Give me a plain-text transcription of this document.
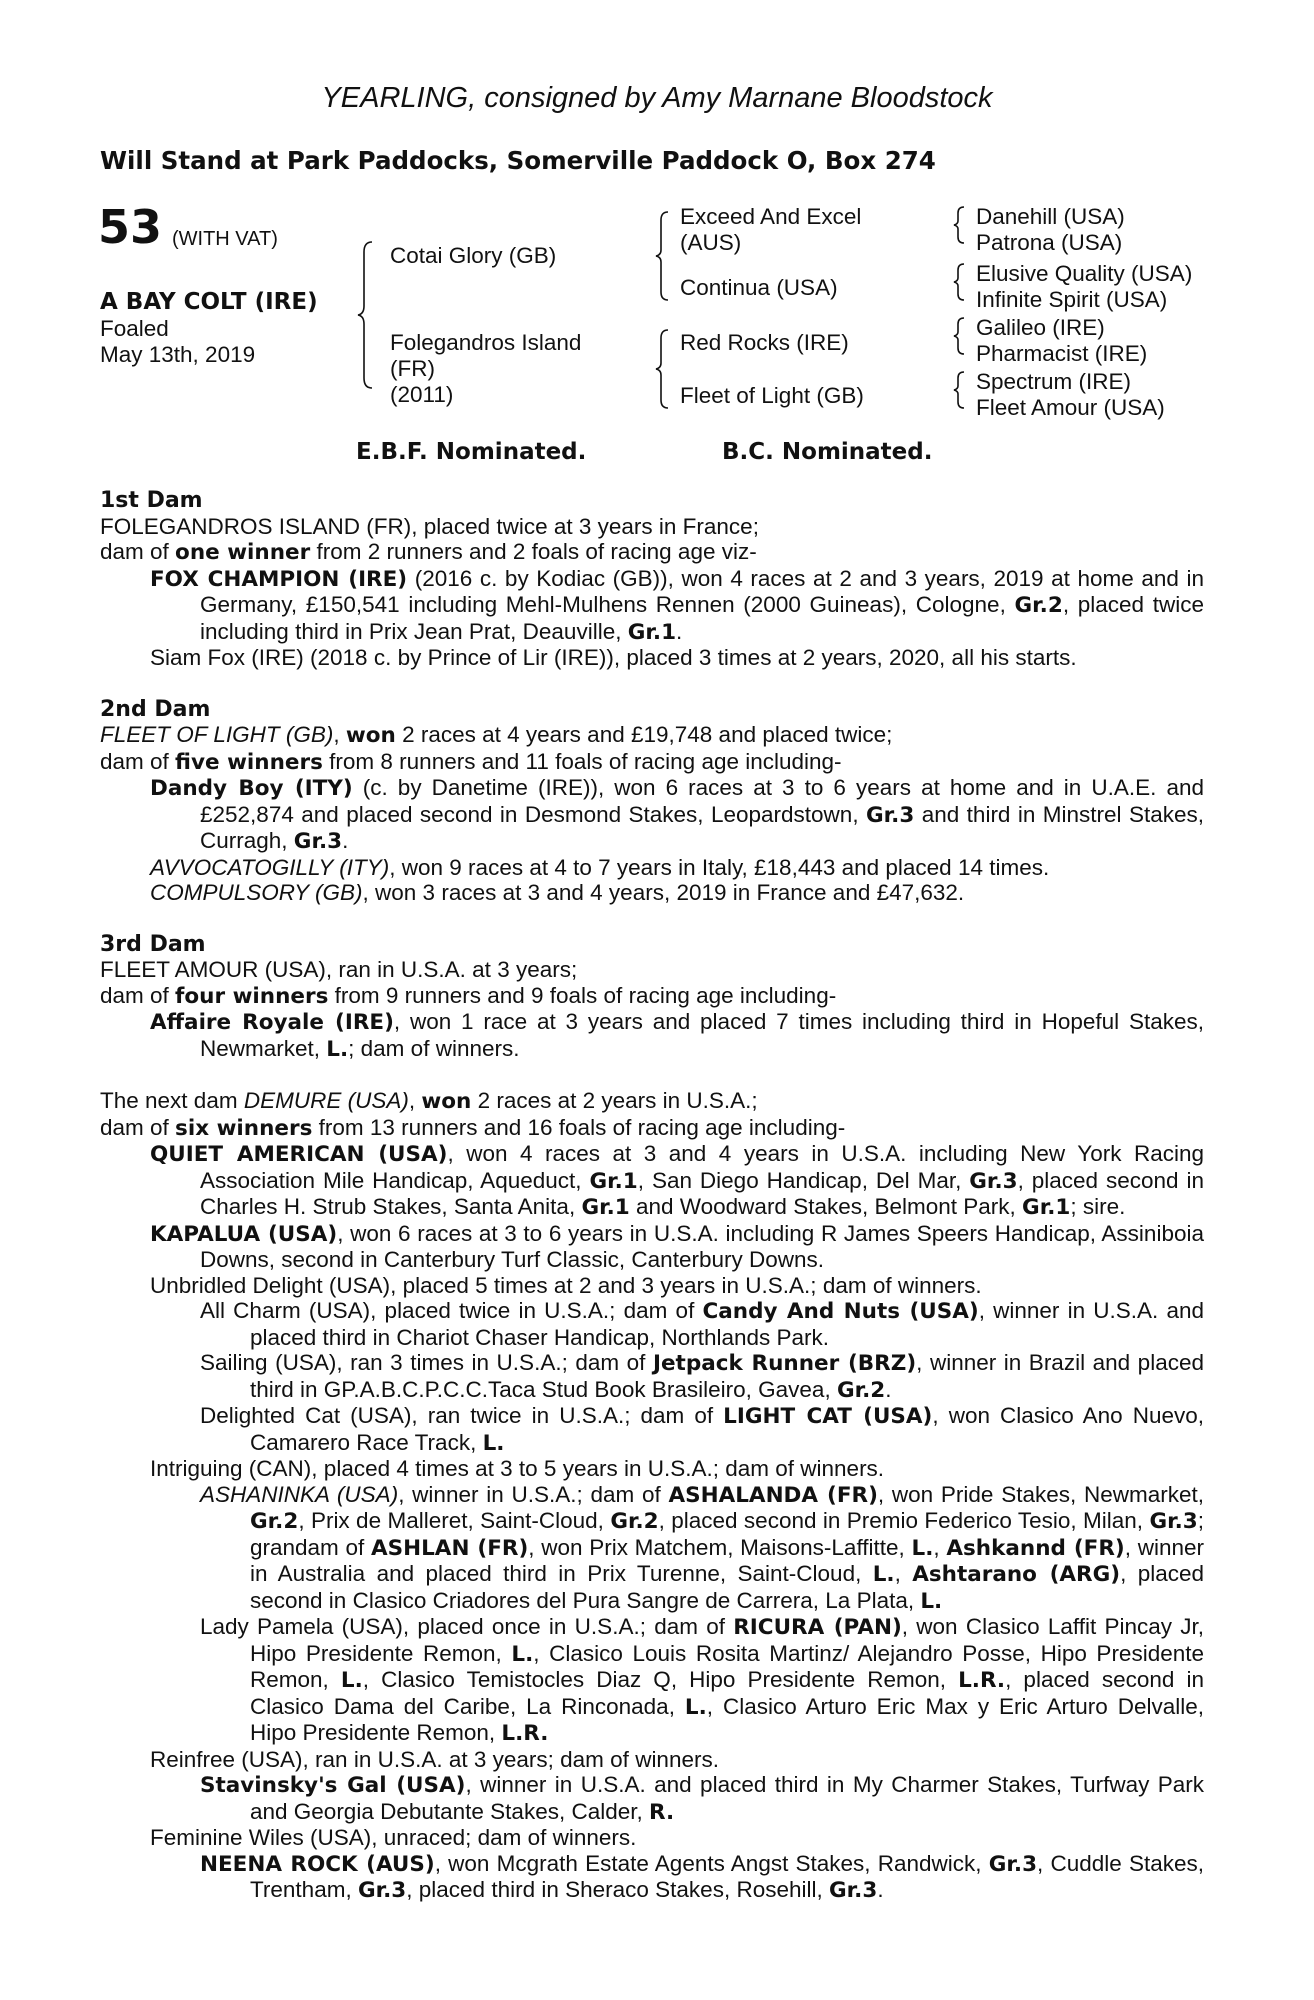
YEARLING, consigned by Amy Marnane Bloodstock
Will Stand at Park Paddocks, Somerville Paddock O, Box 274
53 (WITH VAT)
A BAY COLT (IRE)
Foaled
May 13th, 2019
Cotai Glory (GB)
Folegandros Island
(FR)
(2011)
Exceed And Excel
(AUS)
Continua (USA)
Red Rocks (IRE)
Fleet of Light (GB)
Danehill (USA)
Patrona (USA)
Elusive Quality (USA)
Infinite Spirit (USA)
Galileo (IRE)
Pharmacist (IRE)
Spectrum (IRE)
Fleet Amour (USA)
E.B.F. Nominated.	B.C. Nominated.

1st Dam

FOLEGANDROS ISLAND (FR), placed twice at 3 years in France;

dam of one winner from 2 runners and 2 foals of racing age viz-

FOX CHAMPION (IRE) (2016 c. by Kodiac (GB)), won 4 races at 2 and 3 years, 2019 at home and in Germany, £150,541 including Mehl-Mulhens Rennen (2000 Guineas), Cologne, Gr.2, placed twice including third in Prix Jean Prat, Deauville, Gr.1.

Siam Fox (IRE) (2018 c. by Prince of Lir (IRE)), placed 3 times at 2 years, 2020, all his starts.

2nd Dam

FLEET OF LIGHT (GB), won 2 races at 4 years and £19,748 and placed twice;

dam of five winners from 8 runners and 11 foals of racing age including-

Dandy Boy (ITY) (c. by Danetime (IRE)), won 6 races at 3 to 6 years at home and in U.A.E. and £252,874 and placed second in Desmond Stakes, Leopardstown, Gr.3 and third in Minstrel Stakes, Curragh, Gr.3.

AVVOCATOGILLY (ITY), won 9 races at 4 to 7 years in Italy, £18,443 and placed 14 times.

COMPULSORY (GB), won 3 races at 3 and 4 years, 2019 in France and £47,632.

3rd Dam

FLEET AMOUR (USA), ran in U.S.A. at 3 years;

dam of four winners from 9 runners and 9 foals of racing age including-

Affaire Royale (IRE), won 1 race at 3 years and placed 7 times including third in Hopeful Stakes, Newmarket, L.; dam of winners.

The next dam DEMURE (USA), won 2 races at 2 years in U.S.A.;

dam of six winners from 13 runners and 16 foals of racing age including-

QUIET AMERICAN (USA), won 4 races at 3 and 4 years in U.S.A. including New York Racing Association Mile Handicap, Aqueduct, Gr.1, San Diego Handicap, Del Mar, Gr.3, placed second in Charles H. Strub Stakes, Santa Anita, Gr.1 and Woodward Stakes, Belmont Park, Gr.1; sire.

KAPALUA (USA), won 6 races at 3 to 6 years in U.S.A. including R James Speers Handicap, Assiniboia Downs, second in Canterbury Turf Classic, Canterbury Downs.

Unbridled Delight (USA), placed 5 times at 2 and 3 years in U.S.A.; dam of winners.

All Charm (USA), placed twice in U.S.A.; dam of Candy And Nuts (USA), winner in U.S.A. and placed third in Chariot Chaser Handicap, Northlands Park.

Sailing (USA), ran 3 times in U.S.A.; dam of Jetpack Runner (BRZ), winner in Brazil and placed third in GP.A.B.C.P.C.C.Taca Stud Book Brasileiro, Gavea, Gr.2.

Delighted Cat (USA), ran twice in U.S.A.; dam of LIGHT CAT (USA), won Clasico Ano Nuevo, Camarero Race Track, L.

Intriguing (CAN), placed 4 times at 3 to 5 years in U.S.A.; dam of winners.

ASHANINKA (USA), winner in U.S.A.; dam of ASHALANDA (FR), won Pride Stakes, Newmarket, Gr.2, Prix de Malleret, Saint-Cloud, Gr.2, placed second in Premio Federico Tesio, Milan, Gr.3; grandam of ASHLAN (FR), won Prix Matchem, Maisons-Laffitte, L., Ashkannd (FR), winner in Australia and placed third in Prix Turenne, Saint-Cloud, L., Ashtarano (ARG), placed second in Clasico Criadores del Pura Sangre de Carrera, La Plata, L.

Lady Pamela (USA), placed once in U.S.A.; dam of RICURA (PAN), won Clasico Laffit Pincay Jr, Hipo Presidente Remon, L., Clasico Louis Rosita Martinz/ Alejandro Posse, Hipo Presidente Remon, L., Clasico Temistocles Diaz Q, Hipo Presidente Remon, L.R., placed second in Clasico Dama del Caribe, La Rinconada, L., Clasico Arturo Eric Max y Eric Arturo Delvalle, Hipo Presidente Remon, L.R.

Reinfree (USA), ran in U.S.A. at 3 years; dam of winners.

Stavinsky's Gal (USA), winner in U.S.A. and placed third in My Charmer Stakes, Turfway Park and Georgia Debutante Stakes, Calder, R.

Feminine Wiles (USA), unraced; dam of winners.

NEENA ROCK (AUS), won Mcgrath Estate Agents Angst Stakes, Randwick, Gr.3, Cuddle Stakes, Trentham, Gr.3, placed third in Sheraco Stakes, Rosehill, Gr.3.
